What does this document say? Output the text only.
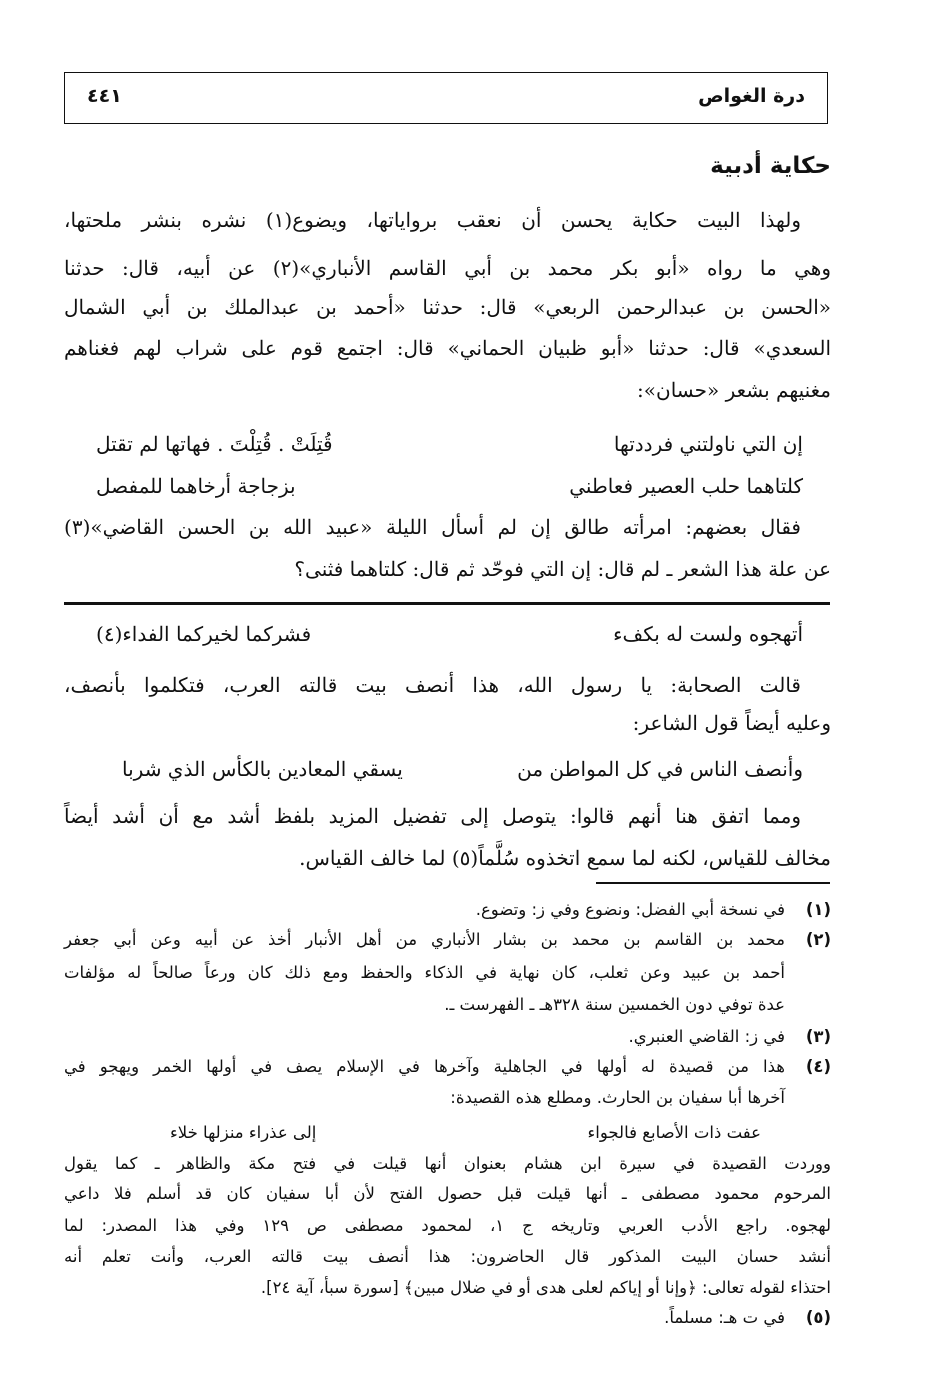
درة الغواص
٤٤١
حكاية أدبية
ولهذا البيت حكاية يحسن أن نعقب برواياتها، ويضوع(١) نشره بنشر ملحتها،
وهي ما رواه «أبو بكر محمد بن أبي القاسم الأنباري»(٢) عن أبيه، قال: حدثنا
«الحسن بن عبدالرحمن الربعي» قال: حدثنا «أحمد بن عبدالملك بن أبي الشمال
السعدي» قال: حدثنا «أبو ظبيان الحماني» قال: اجتمع قوم على شراب لهم فغناهم
مغنيهم بشعر «حسان»:
إن التي ناولتني فرددتها
قُتِلَتْ . قُتِلْتَ . فهاتها لم تقتل
كلتاهما حلب العصير فعاطني
بزجاجة أرخاهما للمفصل
فقال بعضهم: امرأته طالق إن لم أسأل الليلة «عبيد الله بن الحسن القاضي»(٣)
عن علة هذا الشعر ـ لم قال: إن التي فوحّد ثم قال: كلتاهما فثنى؟
أتهجوه ولست له بكفء
فشركما لخيركما الفداء(٤)
قالت الصحابة: يا رسول الله، هذا أنصف بيت قالته العرب، فتكلموا بأنصف،
وعليه أيضاً قول الشاعر:
وأنصف الناس في كل المواطن من
يسقي المعادين بالكأس الذي شربا
ومما اتفق هنا أنهم قالوا: يتوصل إلى تفضيل المزيد بلفظ أشد مع أن أشد أيضاً
مخالف للقياس، لكنه لما سمع اتخذوه سُلَّماً(٥) لما خالف القياس.
(١)
في نسخة أبي الفضل: ونضوع وفي ز: وتضوع.
(٢)
محمد بن القاسم بن محمد بن بشار الأنباري من أهل الأنبار أخذ عن أبيه وعن أبي جعفر
أحمد بن عبيد وعن ثعلب، كان نهاية في الذكاء والحفظ ومع ذلك كان ورعاً صالحاً له مؤلفات
عدة توفي دون الخمسين سنة ٣٢٨هـ ـ الفهرست ـ.
(٣)
في ز: القاضي العنبري.
(٤)
هذا من قصيدة له أولها في الجاهلية وآخرها في الإسلام يصف في أولها الخمر ويهجو في
آخرها أبا سفيان بن الحارث. ومطلع هذه القصيدة:
عفت ذات الأصابع فالجواء
إلى عذراء منزلها خلاء
ووردت القصيدة في سيرة ابن هشام بعنوان أنها قيلت في فتح مكة والظاهر ـ كما يقول
المرحوم محمود مصطفى ـ أنها قيلت قبل حصول الفتح لأن أبا سفيان كان قد أسلم فلا داعي
لهجوه. راجع الأدب العربي وتاريخه ج ١، لمحمود مصطفى ص ١٢٩ وفي هذا المصدر: لما
أنشد حسان البيت المذكور قال الحاضرون: هذا أنصف بيت قالته العرب، وأنت تعلم أنه
احتذاء لقوله تعالى: ﴿وإنا أو إياكم لعلى هدى أو في ضلال مبين﴾ [سورة سبأ، آية ٢٤].
(٥)
في ت هـ: مسلماً.
